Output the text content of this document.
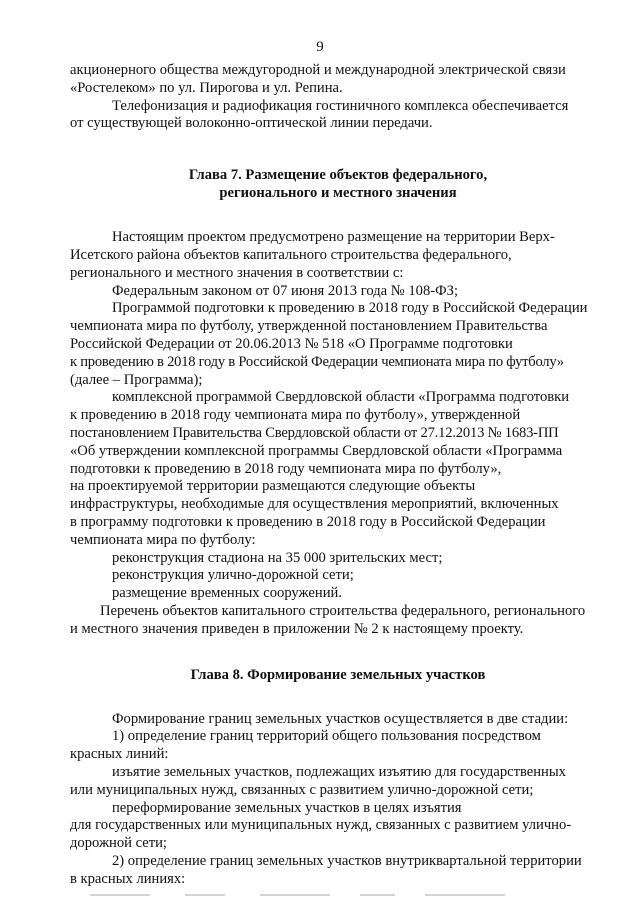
9

акционерного общества междугородной и международной электрической связи

«Ростелеком» по ул. Пирогова и ул. Репина.

Телефонизация и радиофикация гостиничного комплекса обеспечивается

от существующей волоконно-оптической линии передачи.

Глава 7. Размещение объектов федерального,

регионального и местного значения

Настоящим проектом предусмотрено размещение на территории Верх-

Исетского района объектов капитального строительства федерального,

регионального и местного значения в соответствии с:

Федеральным законом от 07 июня 2013 года № 108-ФЗ;

Программой подготовки к проведению в 2018 году в Российской Федерации

чемпионата мира по футболу, утвержденной постановлением Правительства

Российской Федерации от 20.06.2013 № 518 «О Программе подготовки

к проведению в 2018 году в Российской Федерации чемпионата мира по футболу»

(далее – Программа);

комплексной программой Свердловской области «Программа подготовки

к проведению в 2018 году чемпионата мира по футболу», утвержденной

постановлением Правительства Свердловской области от 27.12.2013 № 1683-ПП

«Об утверждении комплексной программы Свердловской области «Программа

подготовки к проведению в 2018 году чемпионата мира по футболу»,

на проектируемой территории размещаются следующие объекты

инфраструктуры, необходимые для осуществления мероприятий, включенных

в программу подготовки к проведению в 2018 году в Российской Федерации

чемпионата мира по футболу:

реконструкция стадиона на 35 000 зрительских мест;

реконструкция улично-дорожной сети;

размещение временных сооружений.

Перечень объектов капитального строительства федерального, регионального

и местного значения приведен в приложении № 2 к настоящему проекту.

Глава 8. Формирование земельных участков

Формирование границ земельных участков осуществляется в две стадии:

1) определение границ территорий общего пользования посредством

красных линий:

изъятие земельных участков, подлежащих изъятию для государственных

или муниципальных нужд, связанных с развитием улично-дорожной сети;

переформирование земельных участков в целях изъятия

для государственных или муниципальных нужд, связанных с развитием улично-

дорожной сети;

2) определение границ земельных участков внутриквартальной территории

в красных линиях:
